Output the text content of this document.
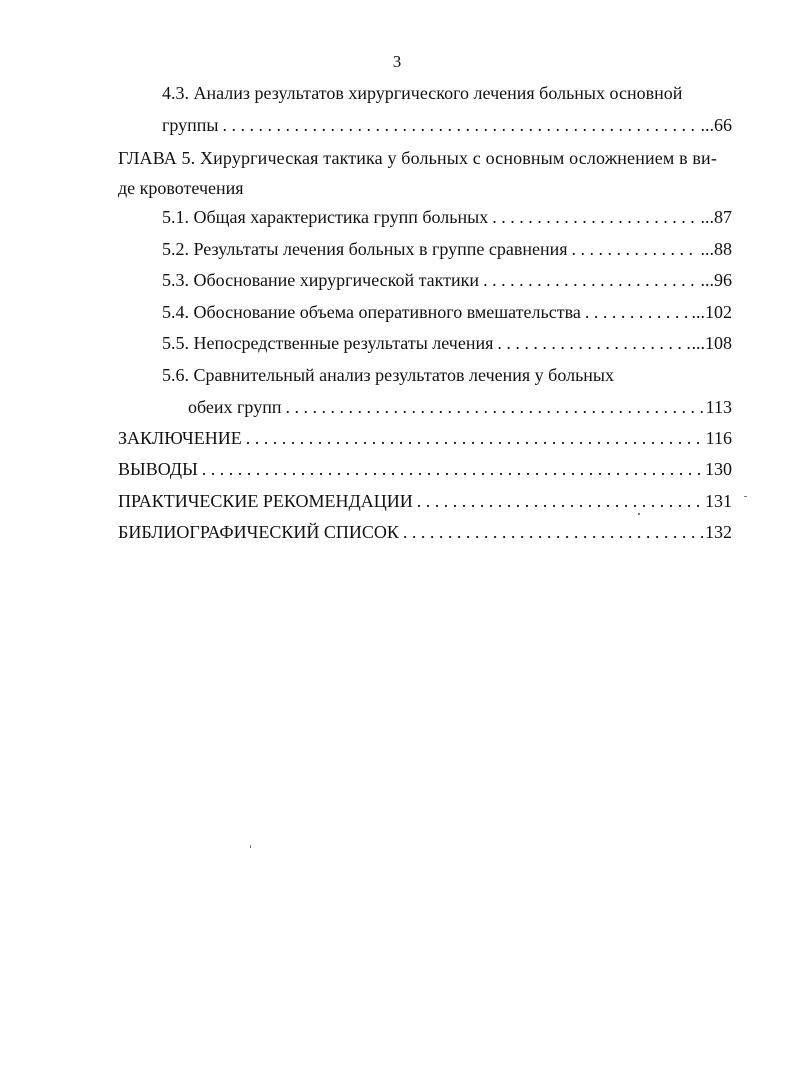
3
4.3. Анализ результатов хирургического лечения больных основной
группы . . .	...66
ГЛАВА 5. Хирургическая тактика у больных с основным осложнением в ви-
де кровотечения
5.1. Общая характеристика групп больных . . .	...87
5.2. Результаты лечения больных в группе сравнения . . .	...88
5.3. Обоснование хирургической тактики . . .	...96
5.4. Обоснование объема оперативного вмешательства . . .	...102
5.5. Непосредственные результаты лечения . . .	...108
5.6. Сравнительный анализ результатов лечения у больных
обеих групп . . .	113
ЗАКЛЮЧЕНИЕ . . .	116
ВЫВОДЫ . . .	130
ПРАКТИЧЕСКИЕ РЕКОМЕНДАЦИИ . . .	131
БИБЛИОГРАФИЧЕСКИЙ СПИСОК . . .	132
